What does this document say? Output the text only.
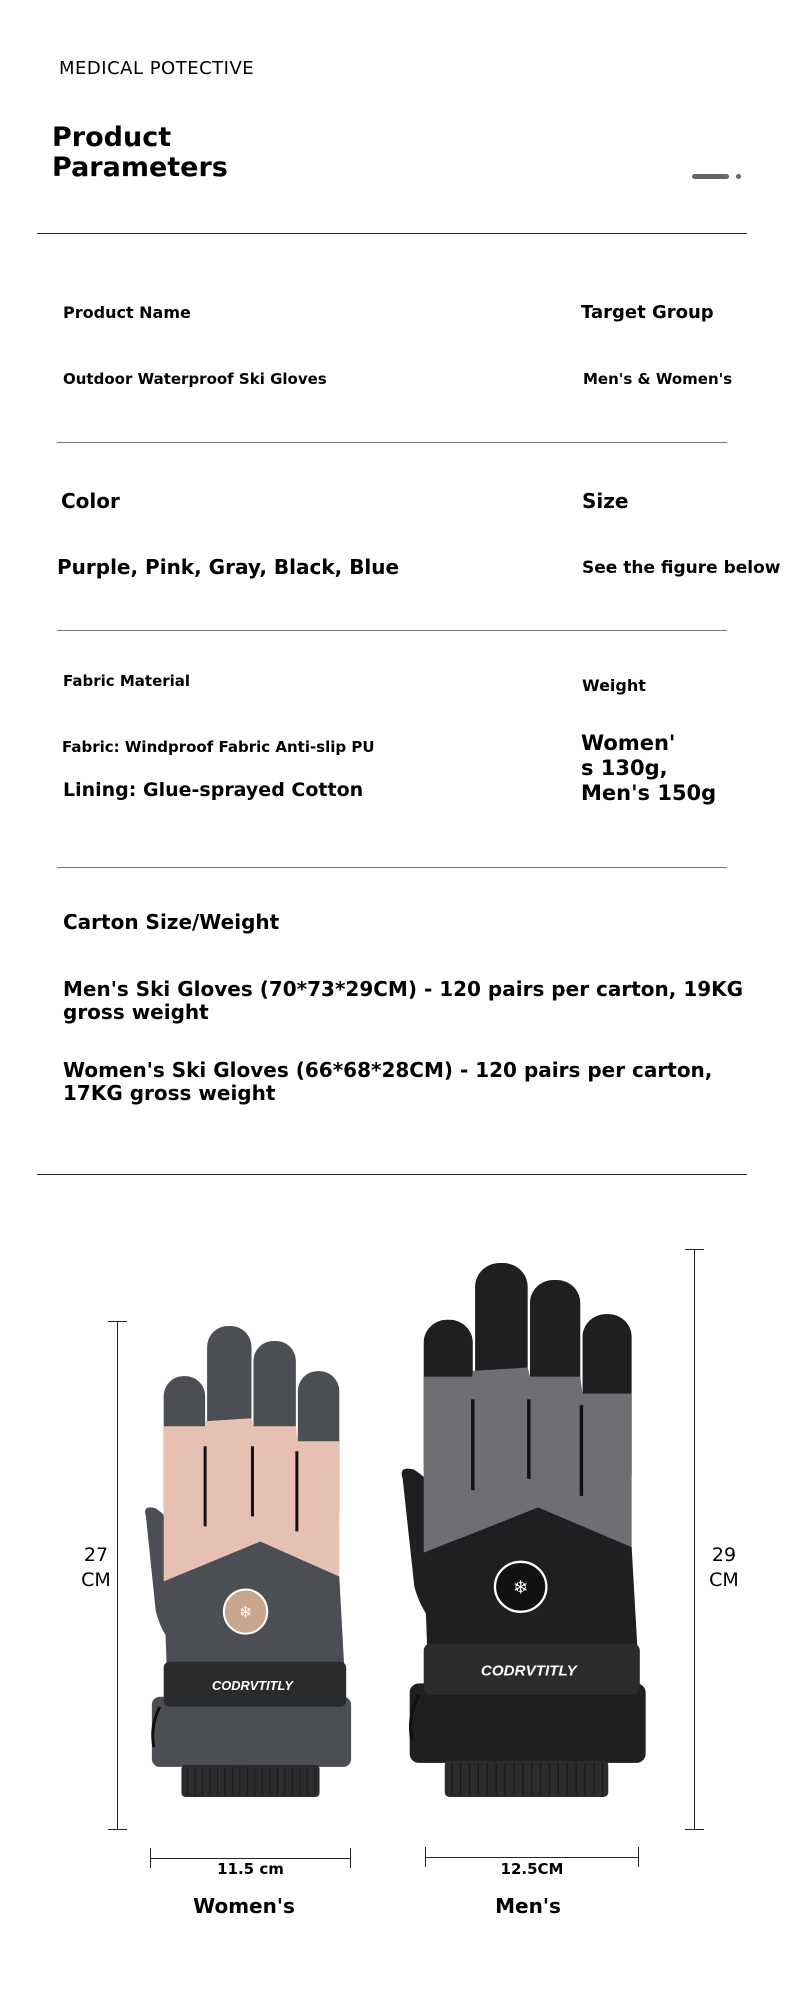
MEDICAL POTECTIVE
Product
Parameters
Product Name
Outdoor Waterproof Ski Gloves
Target Group
Men's & Women's
Color
Purple, Pink, Gray, Black, Blue
Size
See the figure below
Fabric Material
Fabric: Windproof Fabric Anti-slip PU
Lining: Glue-sprayed Cotton
Weight
Women'
s 130g,
Men's 150g
Carton Size/Weight
Men's Ski Gloves (70*73*29CM) - 120 pairs per carton, 19KG gross weight
Women's Ski Gloves (66*68*28CM) - 120 pairs per carton, 17KG gross weight
27
CM
29
CM
11.5 cm	12.5CM
Women's	Men's
❄
CODRVTITLY
❄
CODRVTITLY
